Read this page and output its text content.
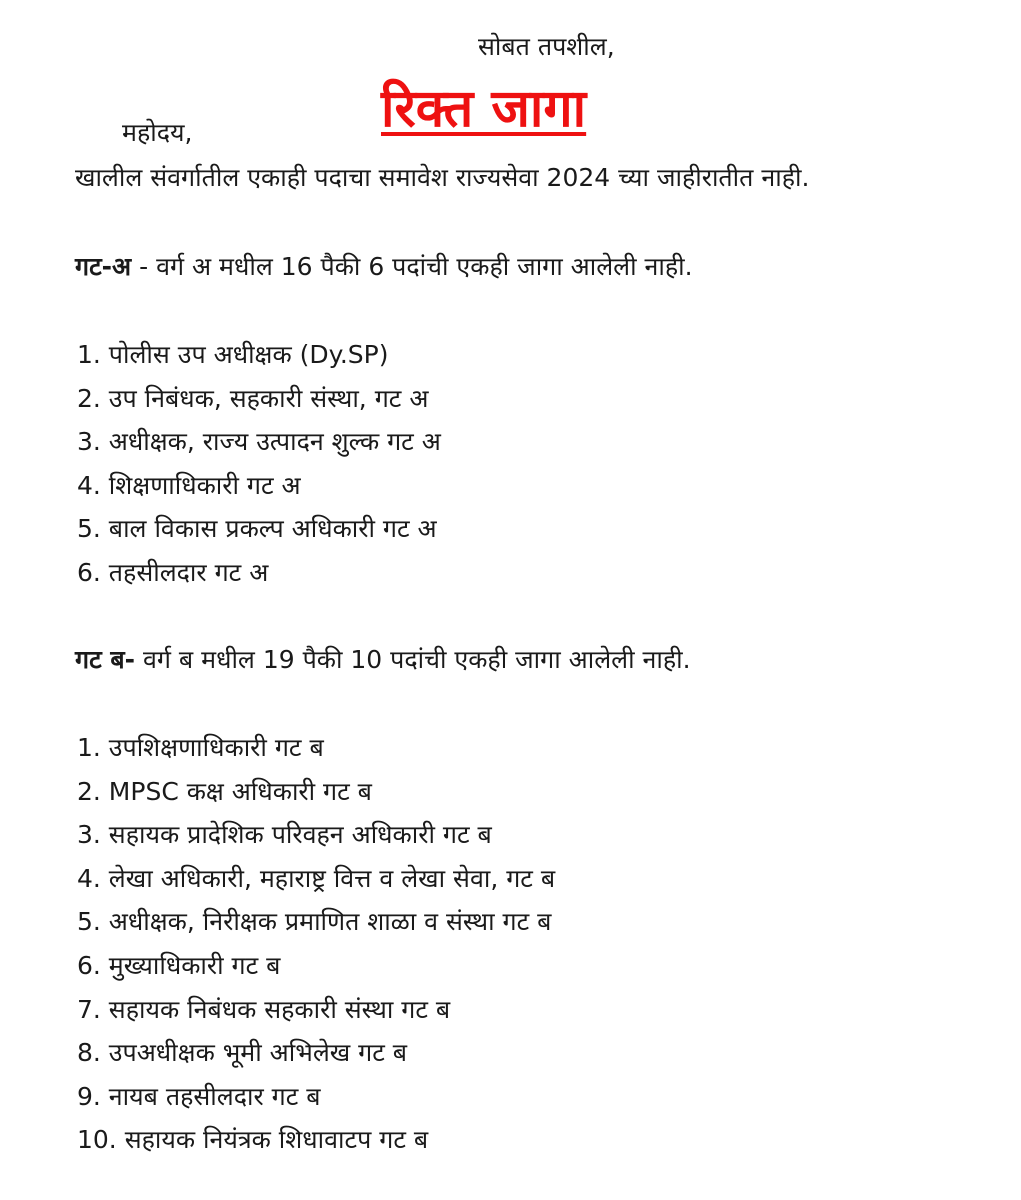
सोबत तपशील,
रिक्त जागा
महोदय,
खालील संवर्गातील एकाही पदाचा समावेश राज्यसेवा 2024 च्या जाहीरातीत नाही.
गट-अ - वर्ग अ मधील 16 पैकी 6 पदांची एकही जागा आलेली नाही.
1. पोलीस उप अधीक्षक (Dy.SP)
2. उप निबंधक, सहकारी संस्था, गट अ
3. अधीक्षक, राज्य उत्पादन शुल्क गट अ
4. शिक्षणाधिकारी गट अ
5. बाल विकास प्रकल्प अधिकारी गट अ
6. तहसीलदार गट अ
गट ब- वर्ग ब मधील 19 पैकी 10 पदांची एकही जागा आलेली नाही.
1. उपशिक्षणाधिकारी गट ब
2. MPSC कक्ष अधिकारी गट ब
3. सहायक प्रादेशिक परिवहन अधिकारी गट ब
4. लेखा अधिकारी, महाराष्ट्र वित्त व लेखा सेवा, गट ब
5. अधीक्षक, निरीक्षक प्रमाणित शाळा व संस्था गट ब
6. मुख्याधिकारी गट ब
7. सहायक निबंधक सहकारी संस्था गट ब
8. उपअधीक्षक भूमी अभिलेख गट ब
9. नायब तहसीलदार गट ब
10. सहायक नियंत्रक शिधावाटप गट ब
